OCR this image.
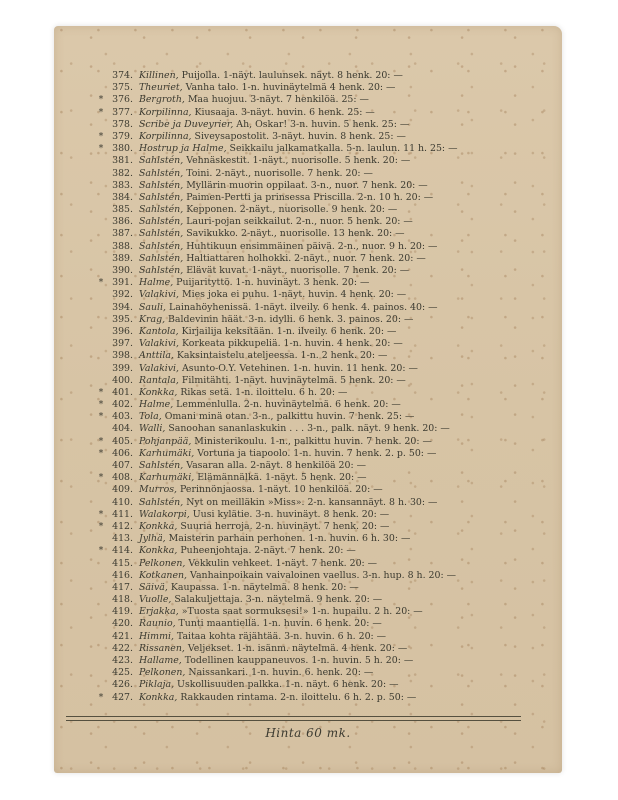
374. Killinen, Puijolla. 1-näyt. laulunsek. näyt. 8 henk. 20: —
375. Theuriet, Vanha talo. 1-n. huvinäytelmä 4 henk. 20: —
* 376. Bergroth, Maa huojuu. 3-näyt. 7 henkilöä. 25: —
* 377. Korpilinna, Kiusaaja. 3-näyt. huvin. 6 henk. 25: —
378. Scribe ja Duveyrier, Ah, Oskar! 3-n. huvin. 5 henk. 25: —
* 379. Korpilinna, Siveysapostolit. 3-näyt. huvin. 8 henk. 25: —
* 380. Hostrup ja Halme, Seikkailu jalkamatkalla. 5-n. laulun. 11 h. 25: —
381. Sahlstén, Vehnäskestit. 1-näyt., nuorisolle. 5 henk. 20: —
382. Sahlstén, Toini. 2-näyt., nuorisolle. 7 henk. 20: —
383. Sahlstén, Myllärin muorin oppilaat. 3-n., nuor. 7 henk. 20: —
384. Sahlstén, Paimen-Pertti ja prinsessa Priscilla. 2-n. 10 h. 20: —
385. Sahlstén, Kepponen. 2-näyt., nuorisolle. 9 henk. 20: —
386. Sahlstén, Lauri-pojan seikkailut. 2-n., nuor. 5 henk. 20: —
387. Sahlstén, Savikukko. 2-näyt., nuorisolle. 13 henk. 20: —
388. Sahlstén, Huhtikuun ensimmäinen päivä. 2-n., nuor. 9 h. 20: —
389. Sahlstén, Haltiattaren holhokki. 2-näyt., nuor. 7 henk. 20: —
390. Sahlstén, Elävät kuvat. 1-näyt., nuorisolle. 7 henk. 20: —
* 391. Halme, Puijarityttö. 1-n. huvinäyt. 3 henk. 20: —
392. Valakivi, Mies joka ei puhu. 1-näyt. huvin. 4 henk. 20: —
394. Sauli, Lainahöyhenissä. 1-näyt. ilveily. 6 henk. 4. painos. 40: —
395. Krag, Baldevinin häät. 3-n. idylli. 6 henk. 3. painos. 20: —
396. Kantola, Kirjailija keksitään. 1-n. ilveily. 6 henk. 20: —
397. Valakivi, Korkeata pikkupeliä. 1-n. huvin. 4 henk. 20: —
398. Anttila, Kaksintaistelu ateljeessa. 1-n. 2 henk. 20: —
399. Valakivi, Asunto-O.Y. Vetehinen. 1-n. huvin. 11 henk. 20: —
400. Rantala, Filmitähti. 1-näyt. huvinäytelmä. 5 henk. 20: —
* 401. Konkka, Rikas setä. 1-n. iloittelu. 6 h. 20: —
* 402. Halme, Lemmenlulla. 2-n. huvinäytelmä. 6 henk. 20: —
* 403. Tola, Omani minä otan. 3-n., palkittu huvin. 7 henk. 25: —
404. Walli, Sanoohan sananlaskukin . . . 3-n., palk. näyt. 9 henk. 20: —
* 405. Pohjanpää, Ministerikoulu. 1-n., palkittu huvin. 7 henk. 20: —
* 406. Karhumäki, Vortuna ja tiapoolo. 1-n. huvin. 7 henk. 2. p. 50: —
407. Sahlstén, Vasaran alla. 2-näyt. 8 henkilöä 20: —
* 408. Karhumäki, Elämännälkä. 1-näyt. 5 henk. 20: —
409. Murros, Perinnönjaossa. 1-näyt. 10 henkilöä. 20: —
410. Sahlstén, Nyt on meilläkin »Miss». 2-n. kansannäyt. 8 h. 30: —
* 411. Walakorpi, Uusi kylätie. 3-n. huvinäyt. 8 henk. 20: —
* 412. Konkka, Suuria herroja. 2-n. huvinäyt. 7 henk. 20: —
413. Jylhä, Maisterin parhain perhonen. 1-n. huvin. 6 h. 30: —
* 414. Konkka, Puheenjohtaja. 2-näyt. 7 henk. 20: —
415. Pelkonen, Vekkulin vehkeet. 1-näyt. 7 henk. 20: —
416. Kotkanen, Vanhainpoikain vaivaloinen vaellus. 3-n. hup. 8 h. 20: —
417. Säivä, Kaupassa. 1-n. näytelmä. 8 henk. 20: —
418. Vuolle, Salakuljettaja. 3-n. näytelmä. 9 henk. 20: —
419. Erjakka, »Tuosta saat sormuksesi!» 1-n. hupailu. 2 h. 20: —
420. Raunio, Tunti maantiellä. 1-n. huvin. 6 henk. 20: —
421. Himmi, Taitaa kohta räjähtää. 3-n. huvin. 6 h. 20: —
422. Rissanen, Veljekset. 1-n. isänm. näytelmä. 4 henk. 20: —
423. Hallame, Todellinen kauppaneuvos. 1-n. huvin. 5 h. 20: —
425. Pelkonen, Naissankari. 1-n. huvin. 6. henk. 20: —
426. Piklaja, Uskollisuuden palkka. 1-n. näyt. 6 henk. 20: —
* 427. Konkka, Rakkauden rintama. 2-n. iloittelu. 6 h. 2. p. 50: —
Hinta 60 mk.
